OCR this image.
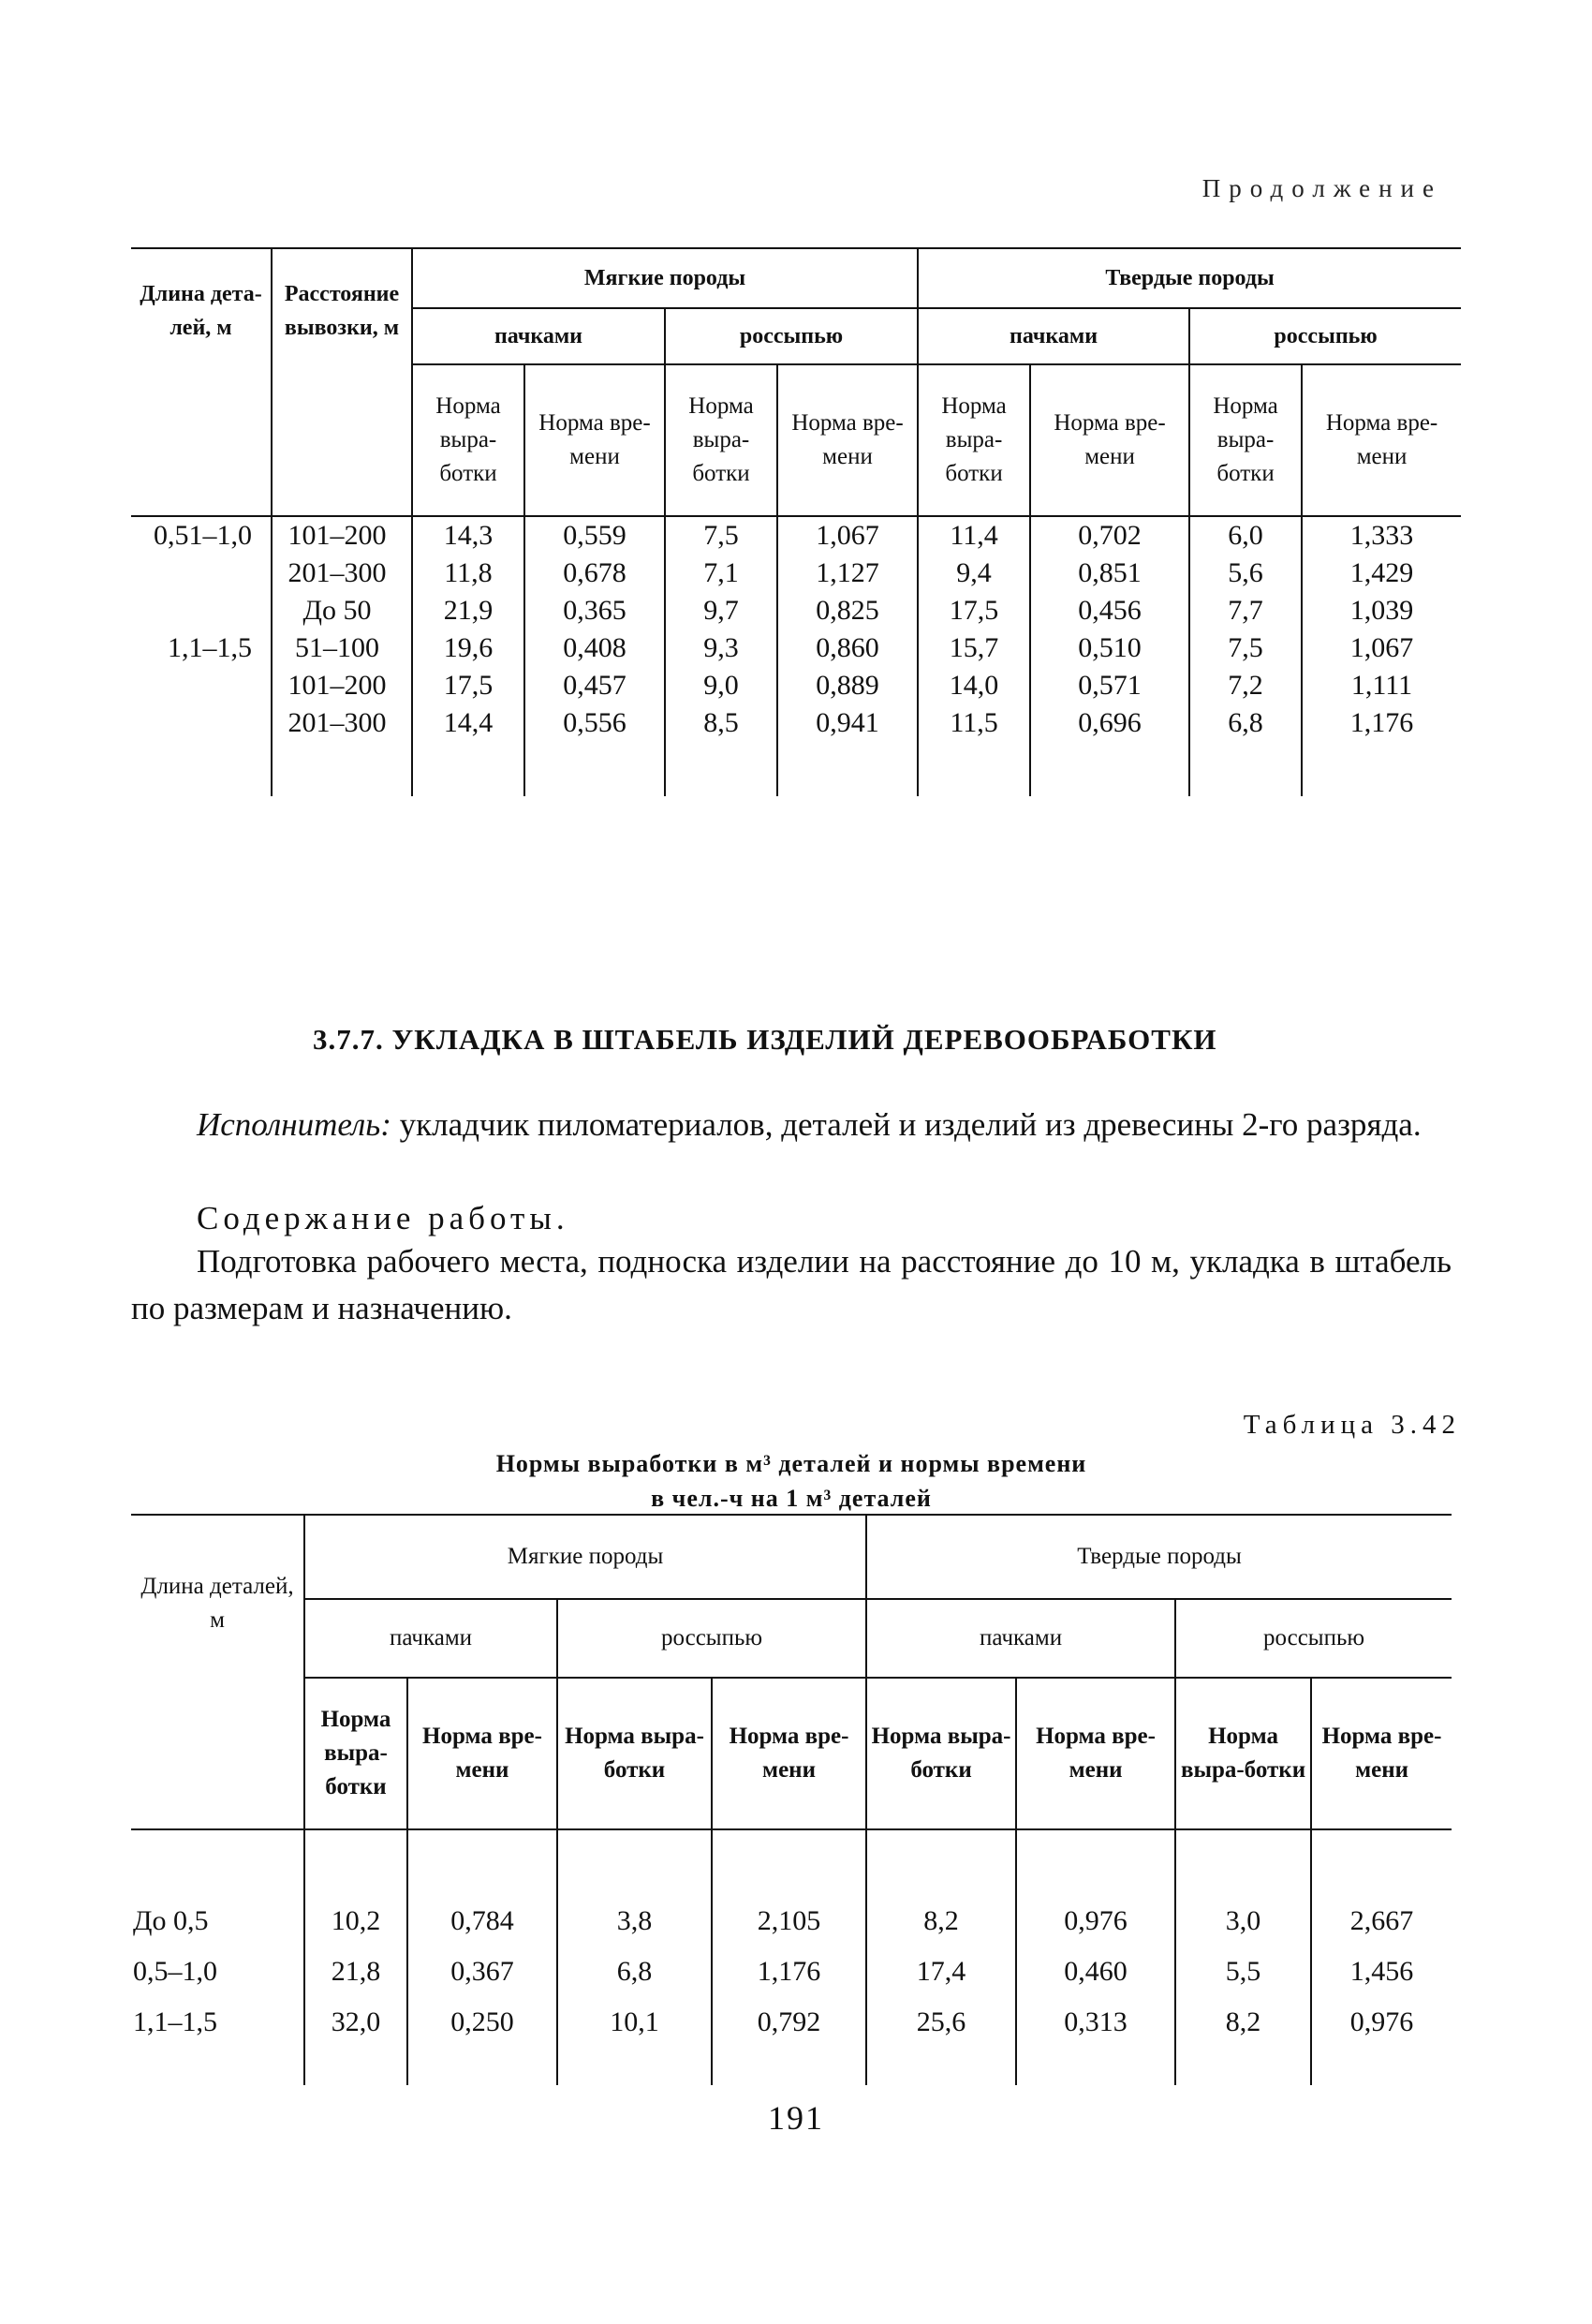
Продолжение
Длина дета-лей, м	Расстояние вывозки, м	Мягкие породы				Твердые породы			
		пачками		россыпью		пачками		россыпью	
		Норма выра-ботки	Норма вре-мени	Норма выра-ботки	Норма вре-мени	Норма выра-ботки	Норма вре-мени	Норма выра-ботки	Норма вре-мени
0,51–1,0	101–200	14,3	0,559	7,5	1,067	11,4	0,702	6,0	1,333
	201–300	11,8	0,678	7,1	1,127	9,4	0,851	5,6	1,429
	До 50	21,9	0,365	9,7	0,825	17,5	0,456	7,7	1,039
1,1–1,5	51–100	19,6	0,408	9,3	0,860	15,7	0,510	7,5	1,067
	101–200	17,5	0,457	9,0	0,889	14,0	0,571	7,2	1,111
	201–300	14,4	0,556	8,5	0,941	11,5	0,696	6,8	1,176

3.7.7. УКЛАДКА В ШТАБЕЛЬ ИЗДЕЛИЙ ДЕРЕВООБРАБОТКИ

Исполнитель: укладчик пиломатериалов, деталей и изделий из древесины 2-го разряда.

Содержание работы.

Подготовка рабочего места, подноска изделии на расстояние до 10 м, укладка в штабель по размерам и назначению.

Таблица 3.42
Нормы выработки в м³ деталей и нормы времени
в чел.-ч на 1 м³ деталей
Длина деталей, м	Мягкие породы				Твердые породы			
	пачками		россыпью		пачками		россыпью	
	Норма выра-ботки	Норма вре-мени	Норма выра-ботки	Норма вре-мени	Норма выра-ботки	Норма вре-мени	Норма выра-ботки	Норма вре-мени

До 0,5	10,2	0,784	3,8	2,105	8,2	0,976	3,0	2,667
0,5–1,0	21,8	0,367	6,8	1,176	17,4	0,460	5,5	1,456
1,1–1,5	32,0	0,250	10,1	0,792	25,6	0,313	8,2	0,976

191
